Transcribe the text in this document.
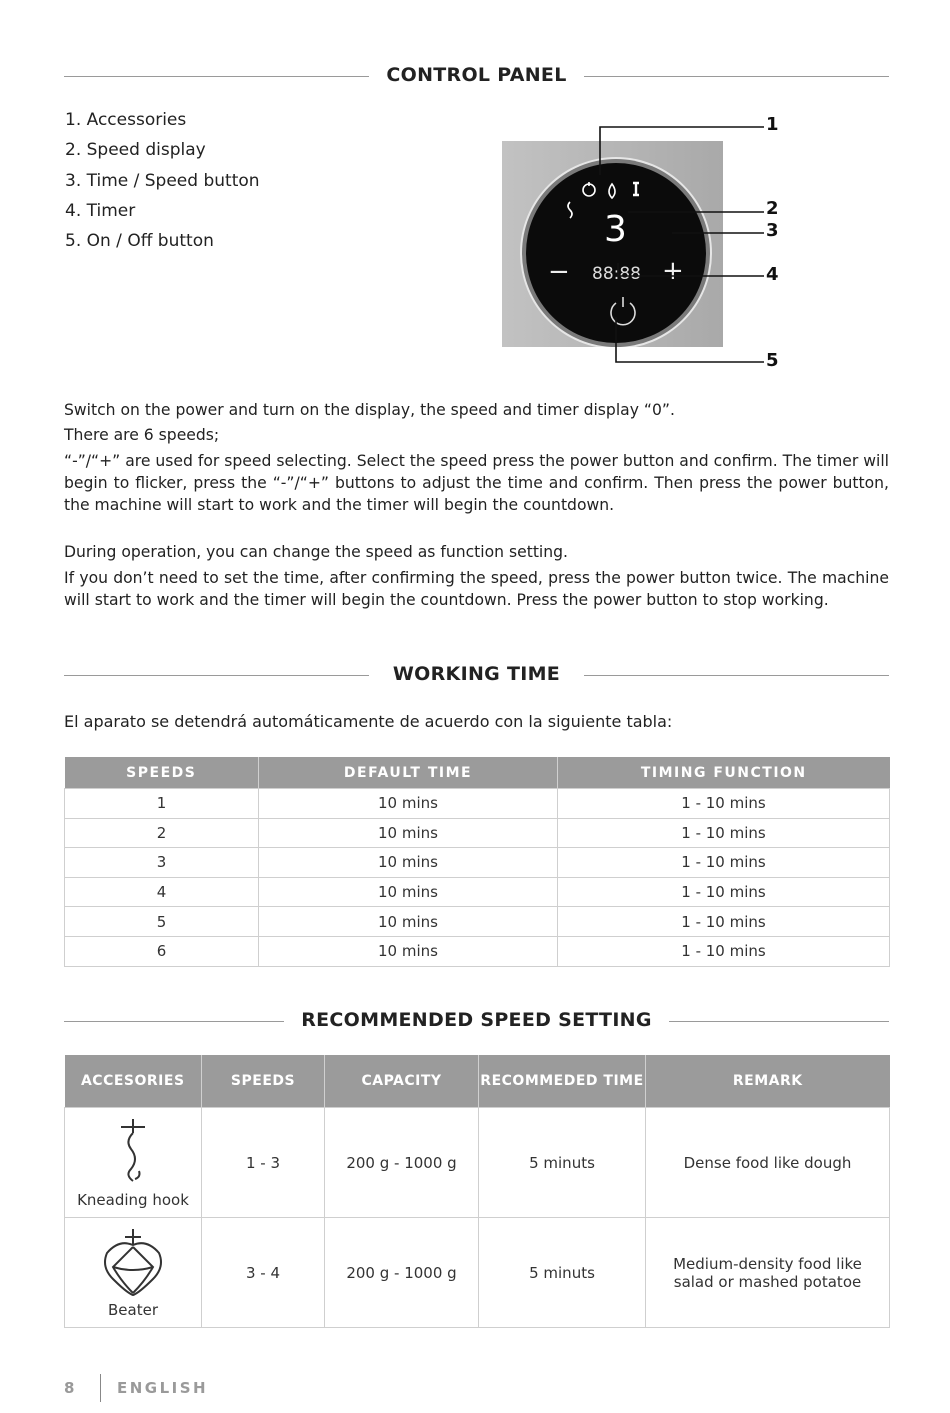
CONTROL PANEL
1. Accessories
2. Speed display
3. Time / Speed button
4. Timer
5. On / Off button	3
− 88:88 +
1
2
3
4
5

Switch on the power and turn on the display, the speed and timer display “0”.

There are 6 speeds;

“-”/“+” are used for speed selecting. Select the speed press the power button and confirm. The timer will begin to flicker, press the “-”/“+” buttons to adjust the time and confirm. Then press the power button, the machine will start to work and the timer will begin the countdown.

During operation, you can change the speed as function setting.

If you don’t need to set the time, after confirming the speed, press the power button twice. The machine will start to work and the timer will begin the countdown. Press the power button to stop working.

WORKING TIME

El aparato se detendrá automáticamente de acuerdo con la siguiente tabla:

SPEEDS	DEFAULT TIME	TIMING FUNCTION
1	10 mins	1 - 10 mins
2	10 mins	1 - 10 mins
3	10 mins	1 - 10 mins
4	10 mins	1 - 10 mins
5	10 mins	1 - 10 mins
6	10 mins	1 - 10 mins
RECOMMENDED SPEED SETTING
ACCESORIES	SPEEDS	CAPACITY	RECOMMEDED TIME	REMARK

Kneading hook	1 - 3	200 g - 1000 g	5 minuts	Dense food like dough

Beater	3 - 4	200 g - 1000 g	5 minuts	Medium-density food like salad or mashed potatoe
8	ENGLISH
